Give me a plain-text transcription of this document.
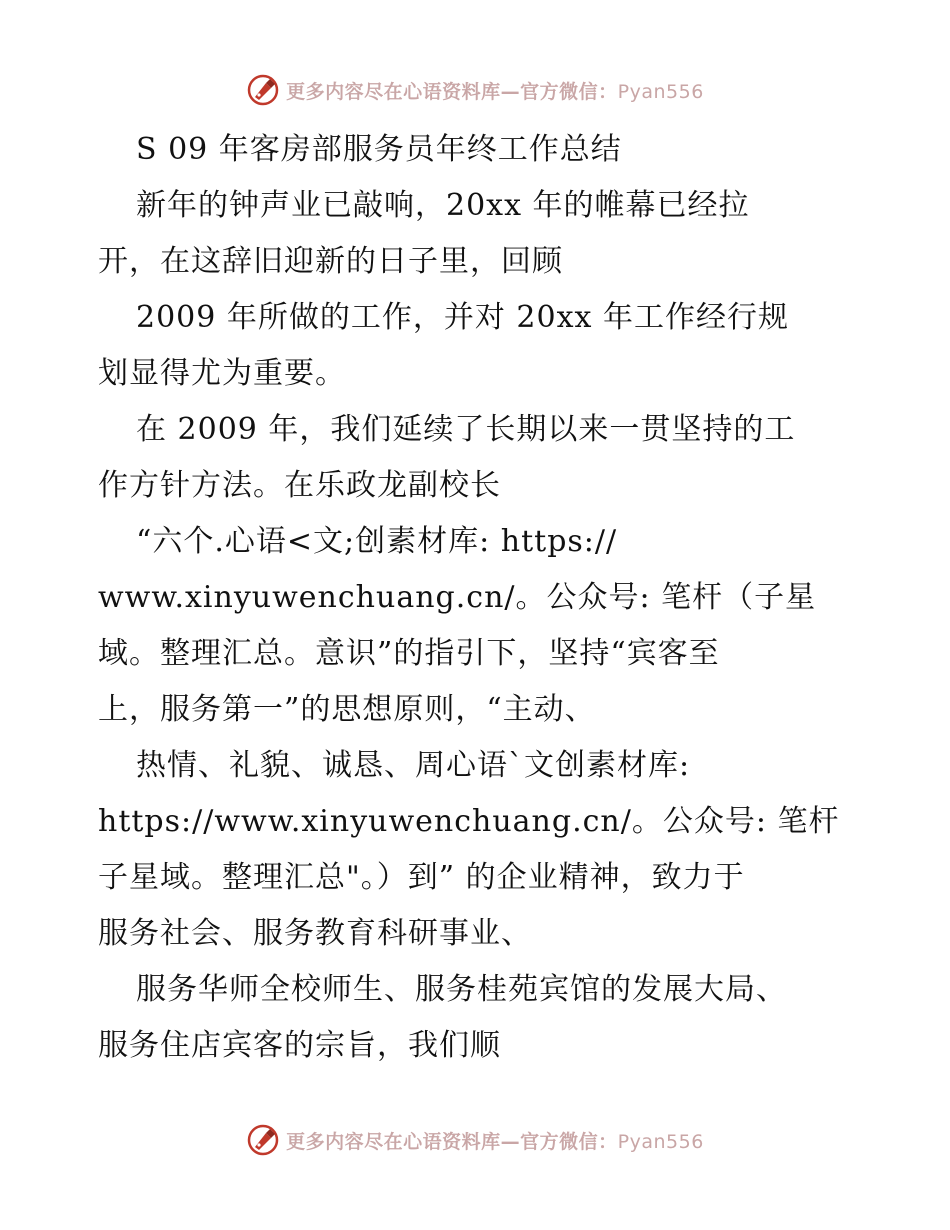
更多内容尽在心语资料库—官方微信：Pyan556
S 09 年客房部服务员年终工作总结
新年的钟声业已敲响，20xx 年的帷幕已经拉
开，在这辞旧迎新的日子里，回顾
2009 年所做的工作，并对 20xx 年工作经行规
划显得尤为重要。
在 2009 年，我们延续了长期以来一贯坚持的工
作方针方法。在乐政龙副校长
“六个.心语<文;创素材库: https://
www.xinyuwenchuang.cn/。公众号: 笔杆（子星
域。整理汇总。意识”的指引下，坚持“宾客至
上，服务第一”的思想原则，“主动、
热情、礼貌、诚恳、周心语`文创素材库:
https://www.xinyuwenchuang.cn/。公众号: 笔杆
子星域。整理汇总"。）到” 的企业精神，致力于
服务社会、服务教育科研事业、
服务华师全校师生、服务桂苑宾馆的发展大局、
服务住店宾客的宗旨，我们顺
更多内容尽在心语资料库—官方微信：Pyan556
